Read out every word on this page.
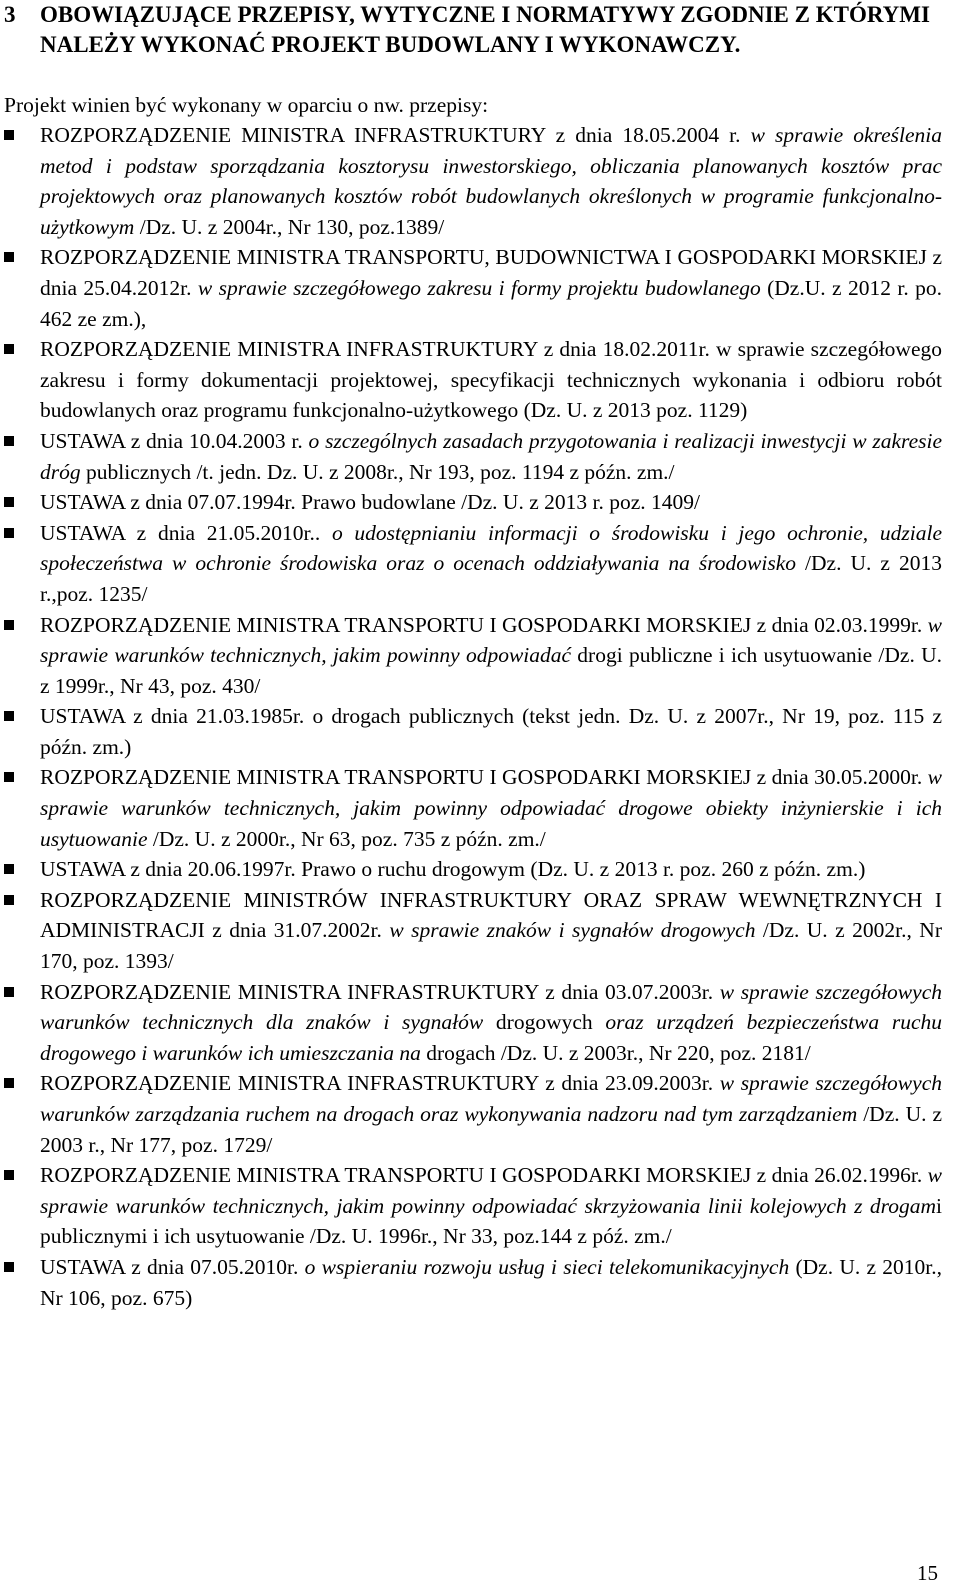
3 OBOWIĄZUJĄCE PRZEPISY, WYTYCZNE I NORMATYWY ZGODNIE Z KTÓRYMI NALEŻY WYKONAĆ PROJEKT BUDOWLANY I WYKONAWCZY.
Projekt winien być wykonany w oparciu o nw. przepisy:
ROZPORZĄDZENIE MINISTRA INFRASTRUKTURY z dnia 18.05.2004 r. w sprawie określenia metod i podstaw sporządzania kosztorysu inwestorskiego, obliczania planowanych kosztów prac projektowych oraz planowanych kosztów robót budowlanych określonych w programie funkcjonalno-użytkowym /Dz. U. z 2004r., Nr 130, poz.1389/
ROZPORZĄDZENIE MINISTRA TRANSPORTU, BUDOWNICTWA I GOSPODARKI MORSKIEJ z dnia 25.04.2012r. w sprawie szczegółowego zakresu i formy projektu budowlanego (Dz.U. z 2012 r. po. 462 ze zm.),
ROZPORZĄDZENIE MINISTRA INFRASTRUKTURY z dnia 18.02.2011r. w sprawie szczegółowego zakresu i formy dokumentacji projektowej, specyfikacji technicznych wykonania i odbioru robót budowlanych oraz programu funkcjonalno-użytkowego (Dz. U. z 2013 poz. 1129)
USTAWA z dnia 10.04.2003 r. o szczególnych zasadach przygotowania i realizacji inwestycji w zakresie dróg publicznych /t. jedn. Dz. U. z 2008r., Nr 193, poz. 1194 z późn. zm./
USTAWA z dnia 07.07.1994r. Prawo budowlane /Dz. U. z 2013 r. poz. 1409/
USTAWA z dnia 21.05.2010r.. o udostępnianiu informacji o środowisku i jego ochronie, udziale społeczeństwa w ochronie środowiska oraz o ocenach oddziaływania na środowisko /Dz. U. z 2013 r.,poz. 1235/
ROZPORZĄDZENIE MINISTRA TRANSPORTU I GOSPODARKI MORSKIEJ z dnia 02.03.1999r. w sprawie warunków technicznych, jakim powinny odpowiadać drogi publiczne i ich usytuowanie /Dz. U. z 1999r., Nr 43, poz. 430/
USTAWA z dnia 21.03.1985r. o drogach publicznych (tekst jedn. Dz. U. z 2007r., Nr 19, poz. 115 z późn. zm.)
ROZPORZĄDZENIE MINISTRA TRANSPORTU I GOSPODARKI MORSKIEJ z dnia 30.05.2000r. w sprawie warunków technicznych, jakim powinny odpowiadać drogowe obiekty inżynierskie i ich usytuowanie /Dz. U. z 2000r., Nr 63, poz. 735 z późn. zm./
USTAWA z dnia 20.06.1997r. Prawo o ruchu drogowym (Dz. U. z 2013 r. poz. 260 z późn. zm.)
ROZPORZĄDZENIE MINISTRÓW INFRASTRUKTURY ORAZ SPRAW WEWNĘTRZNYCH I ADMINISTRACJI z dnia 31.07.2002r. w sprawie znaków i sygnałów drogowych /Dz. U. z 2002r., Nr 170, poz. 1393/
ROZPORZĄDZENIE MINISTRA INFRASTRUKTURY z dnia 03.07.2003r. w sprawie szczegółowych warunków technicznych dla znaków i sygnałów drogowych oraz urządzeń bezpieczeństwa ruchu drogowego i warunków ich umieszczania na drogach /Dz. U. z 2003r., Nr 220, poz. 2181/
ROZPORZĄDZENIE MINISTRA INFRASTRUKTURY z dnia 23.09.2003r. w sprawie szczegółowych warunków zarządzania ruchem na drogach oraz wykonywania nadzoru nad tym zarządzaniem /Dz. U. z 2003 r., Nr 177, poz. 1729/
ROZPORZĄDZENIE MINISTRA TRANSPORTU I GOSPODARKI MORSKIEJ z dnia 26.02.1996r. w sprawie warunków technicznych, jakim powinny odpowiadać skrzyżowania linii kolejowych z drogami publicznymi i ich usytuowanie /Dz. U. 1996r., Nr 33, poz.144 z póź. zm./
USTAWA z dnia 07.05.2010r. o wspieraniu rozwoju usług i sieci telekomunikacyjnych (Dz. U. z 2010r., Nr 106, poz. 675)
15
